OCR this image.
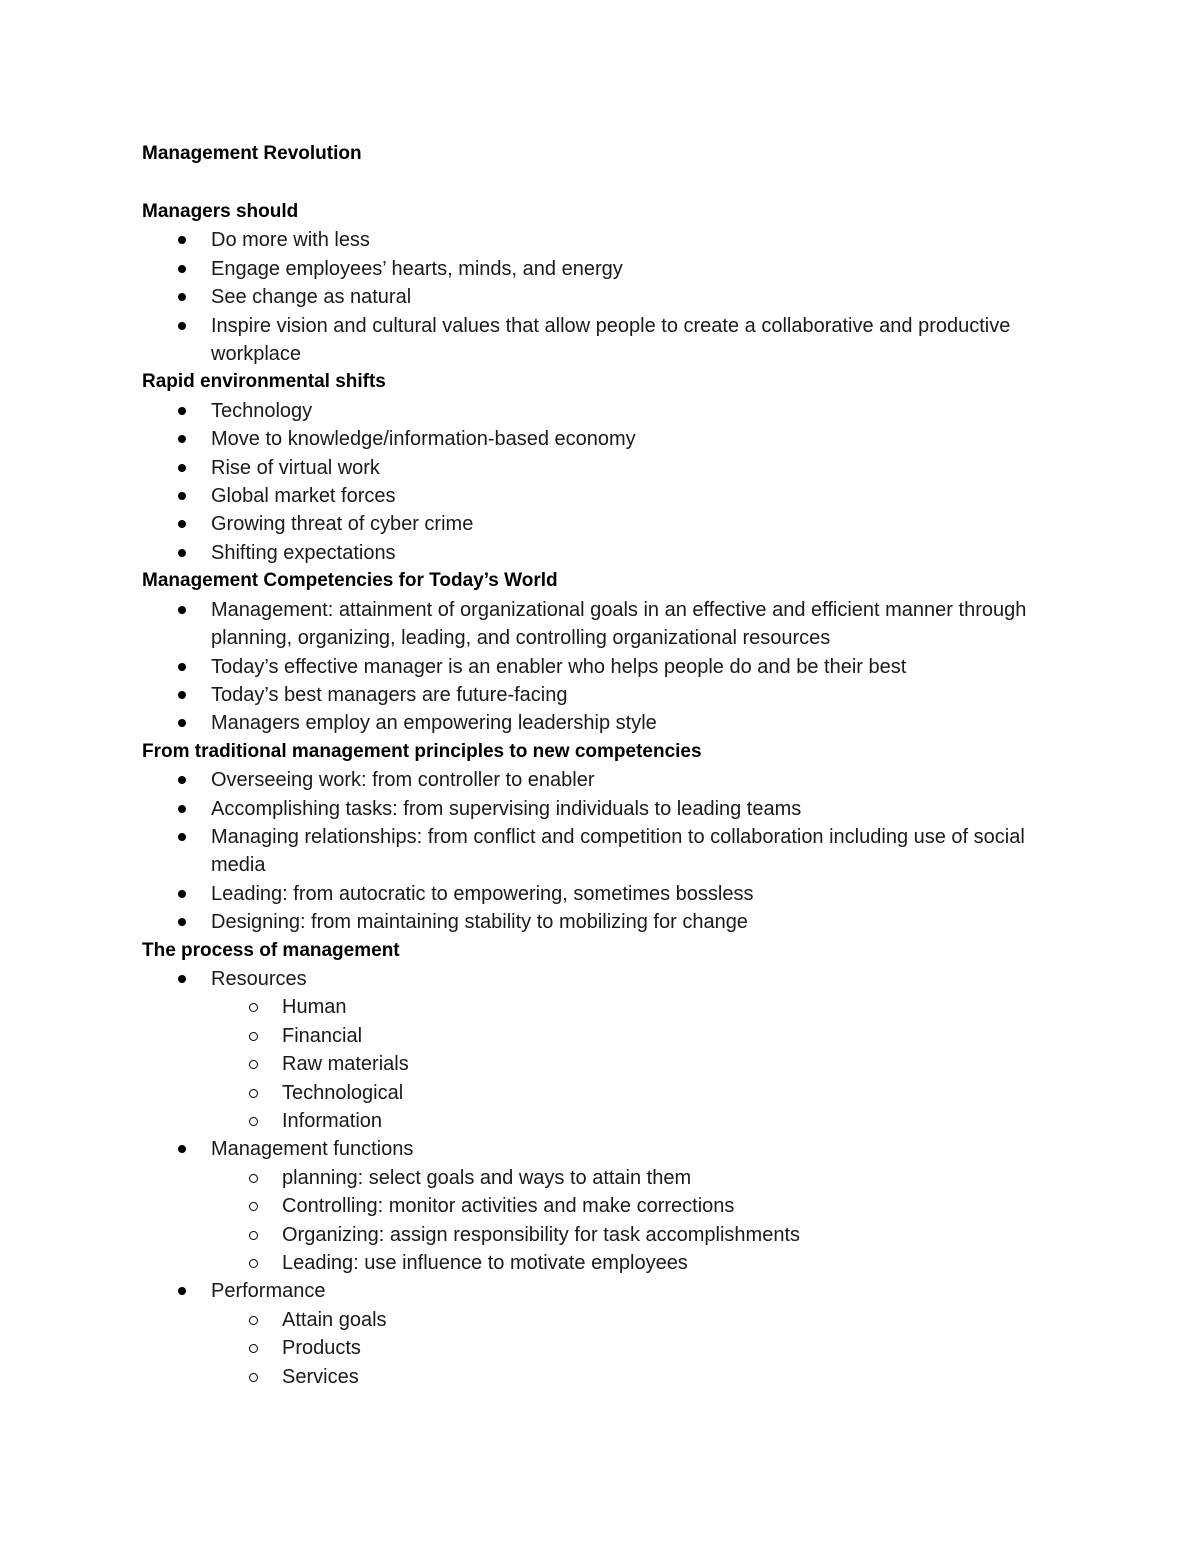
Management Revolution
Managers should
Do more with less
Engage employees’ hearts, minds, and energy
See change as natural
Inspire vision and cultural values that allow people to create a collaborative and productive workplace
Rapid environmental shifts
Technology
Move to knowledge/information-based economy
Rise of virtual work
Global market forces
Growing threat of cyber crime
Shifting expectations
Management Competencies for Today’s World
Management: attainment of organizational goals in an effective and efficient manner through planning, organizing, leading, and controlling organizational resources
Today’s effective manager is an enabler who helps people do and be their best
Today’s best managers are future-facing
Managers employ an empowering leadership style
From traditional management principles to new competencies
Overseeing work: from controller to enabler
Accomplishing tasks: from supervising individuals to leading teams
Managing relationships: from conflict and competition to collaboration including use of social media
Leading: from autocratic to empowering, sometimes bossless
Designing: from maintaining stability to mobilizing for change
The process of management
Resources
Human
Financial
Raw materials
Technological
Information
Management functions
planning: select goals and ways to attain them
Controlling: monitor activities and make corrections
Organizing: assign responsibility for task accomplishments
Leading: use influence to motivate employees
Performance
Attain goals
Products
Services
